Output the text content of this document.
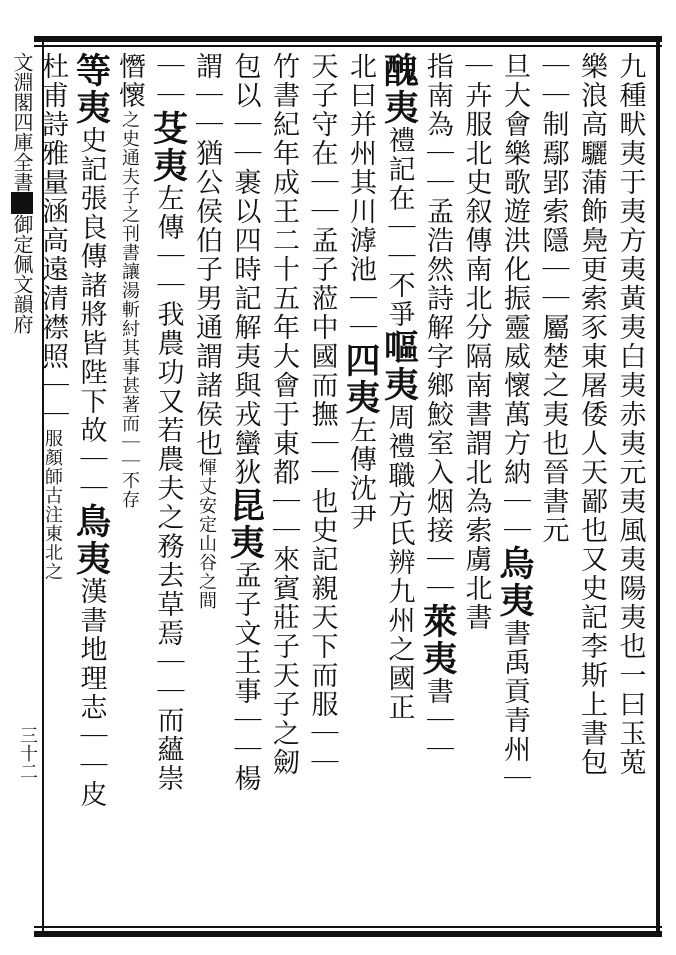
文淵閣四庫全書御定佩文韻府
三十二	九種畎夷于夷方夷黃夷白夷赤夷元夷風夷陽夷也一曰玉莵
樂浪高驪蒲飾鳧更索豕東屠倭人天鄙也又史記李斯上書包
｜｜制鄢郢索隱｜｜屬楚之夷也晉書元
旦大會樂歌遊洪化振靈威懷萬方納｜｜烏夷書禹貢青州｜
｜卉服北史叙傳南北分隔南書謂北為索虜北書
指南為｜｜孟浩然詩解字鄉鮫室入烟接｜｜萊夷書｜｜
醜夷禮記在｜｜不爭嘔夷周禮職方氏辨九州之國正
北曰并州其川滹池｜｜四夷左傳沈尹
天子守在｜｜孟子蒞中國而撫｜｜也史記親天下而服｜｜
竹書紀年成王二十五年大會于東都｜｜來賓莊子天子之劒
包以｜｜裹以四時記解夷與戎蠻狄昆夷孟子文王事｜｜楊
謂｜｜猶公侯伯子男通謂諸侯也惲丈安定山谷之間
｜｜芟夷左傳｜｜我農功又若農夫之務去草焉｜｜而蘊崇
憯懷之史通夫子之刊書讓湯斬紂其事甚著而｜｜不存
等夷史記張良傳諸將皆陛下故｜｜鳥夷漢書地理志｜｜皮
杜甫詩雅量涵高遠清襟照｜｜服顏師古注東北之
